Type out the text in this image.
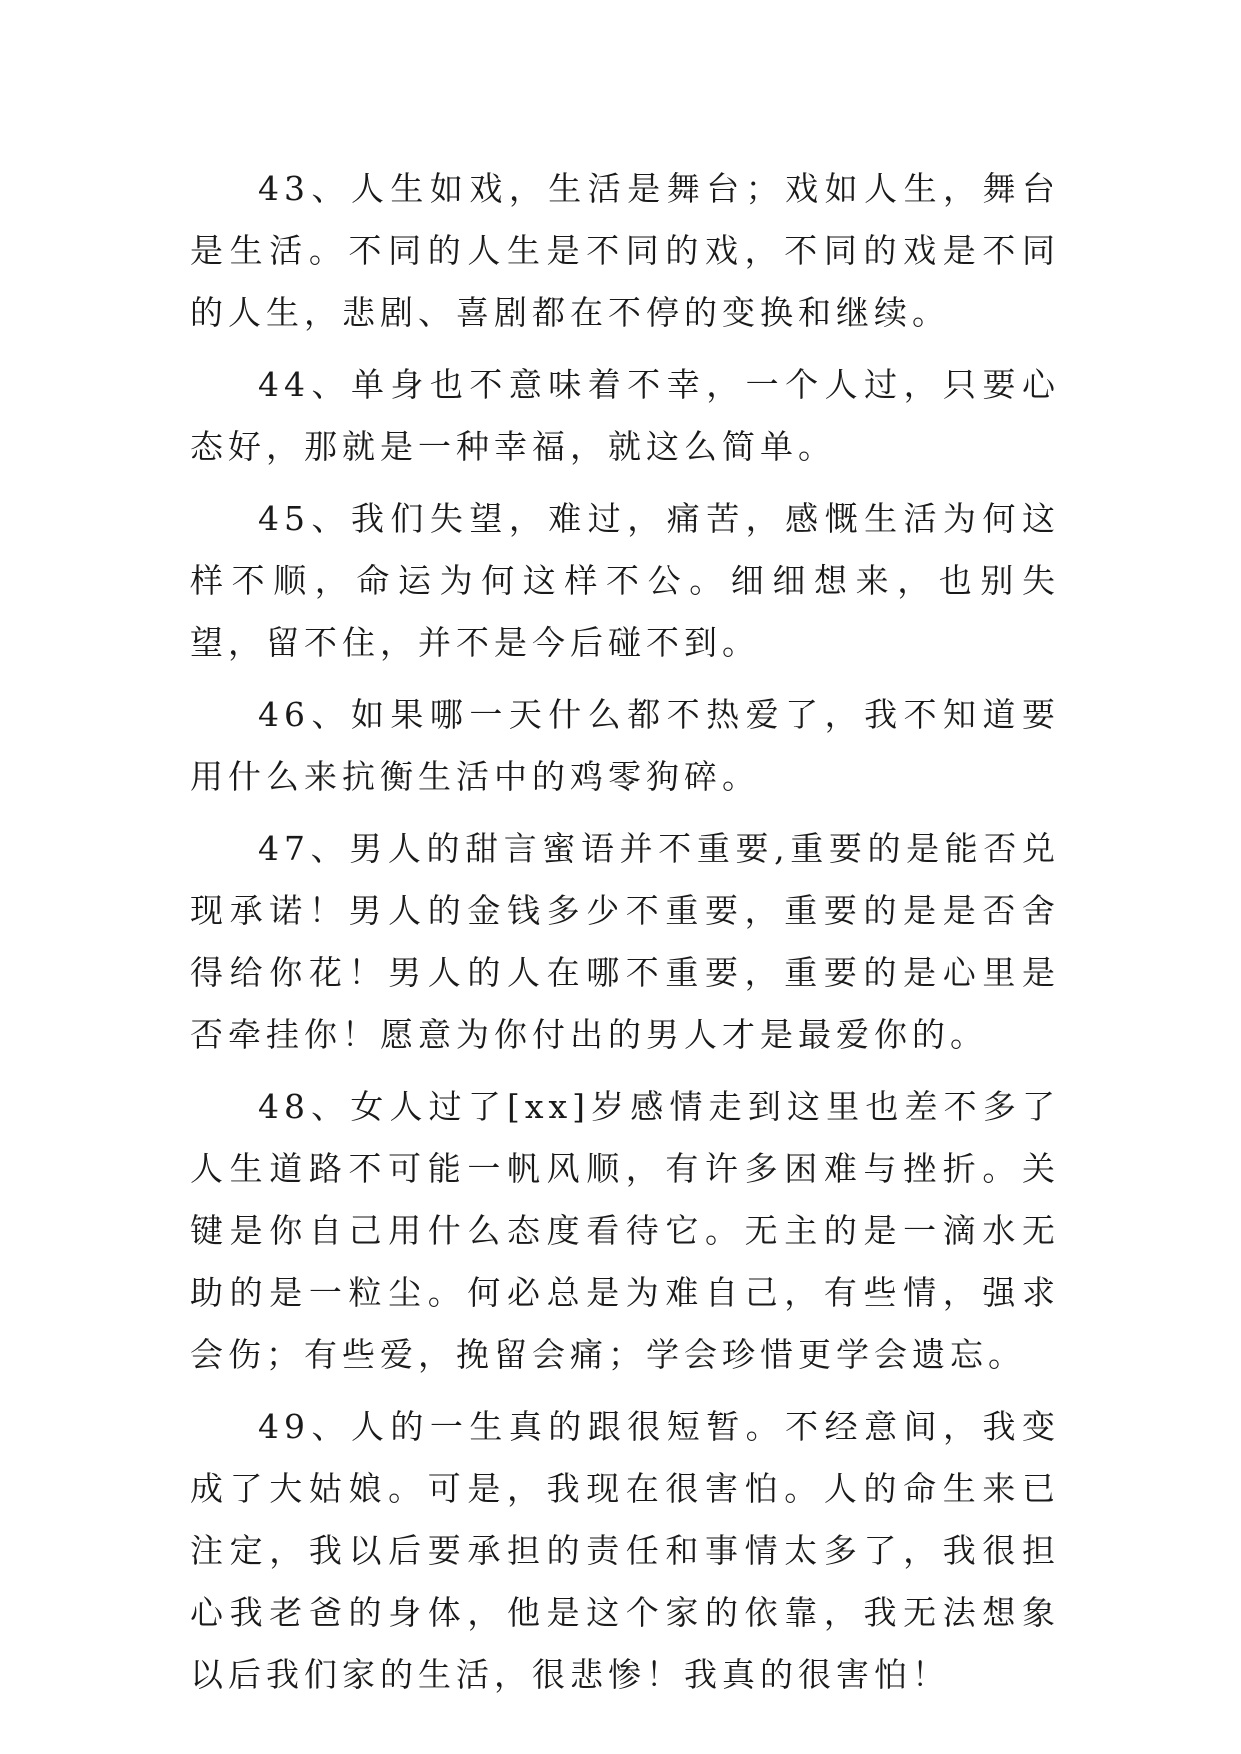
43、人生如戏，生活是舞台；戏如人生，舞台是生活。不同的人生是不同的戏，不同的戏是不同的人生，悲剧、喜剧都在不停的变换和继续。

44、单身也不意味着不幸，一个人过，只要心态好，那就是一种幸福，就这么简单。

45、我们失望，难过，痛苦，感慨生活为何这样不顺，命运为何这样不公。细细想来，也别失望，留不住，并不是今后碰不到。

46、如果哪一天什么都不热爱了，我不知道要用什么来抗衡生活中的鸡零狗碎。

47、男人的甜言蜜语并不重要,重要的是能否兑现承诺！男人的金钱多少不重要，重要的是是否舍得给你花！男人的人在哪不重要，重要的是心里是否牵挂你！愿意为你付出的男人才是最爱你的。

48、女人过了[xx]岁感情走到这里也差不多了人生道路不可能一帆风顺，有许多困难与挫折。关键是你自己用什么态度看待它。无主的是一滴水无助的是一粒尘。何必总是为难自己，有些情，强求会伤；有些爱，挽留会痛；学会珍惜更学会遗忘。

49、人的一生真的跟很短暂。不经意间，我变成了大姑娘。可是，我现在很害怕。人的命生来已注定，我以后要承担的责任和事情太多了，我很担心我老爸的身体，他是这个家的依靠，我无法想象以后我们家的生活，很悲惨！我真的很害怕！
